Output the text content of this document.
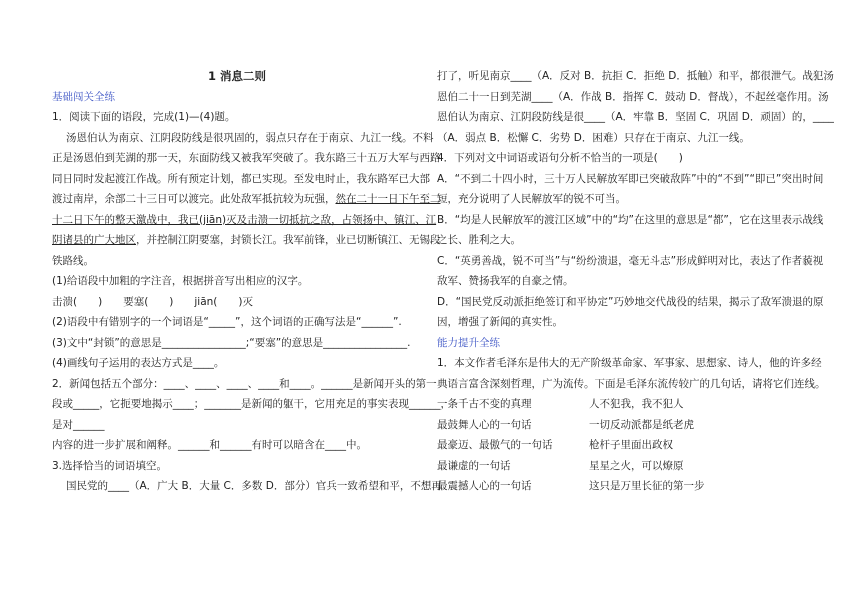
1 消息二则

基础闯关全练

1．阅读下面的语段，完成(1)—(4)题。

汤恩伯认为南京、江阴段防线是很巩固的，弱点只存在于南京、九江一线。不料

正是汤恩伯到芜湖的那一天，东面防线又被我军突破了。我东路三十五万大军与西路

同日同时发起渡江作战。所有预定计划，都已实现。至发电时止，我东路军已大部

渡过南岸，余部二十三日可以渡完。此处敌军抵抗较为玩强，然在二十一日下午至二

十二日下午的整天激战中，我已(jiān)灭及击溃一切抵抗之敌，占领扬中、镇江、江

阴诸县的广大地区，并控制江阴要塞，封锁长江。我军前锋，业已切断镇江、无锡段

铁路线。

(1)给语段中加粗的字注音，根据拼音写出相应的汉字。

击溃(　　)　　要塞(　　)　　jiān(　　)灭

(2)语段中有错别字的一个词语是“_____”，这个词语的正确写法是“______”.

(3)文中“封锁”的意思是________________;“要塞”的意思是________________.

(4)画线句子运用的表达方式是____。

2．新闻包括五个部分：____、____、____、____和____。______是新闻开头的第一

段或_____，它扼要地揭示____；_______是新闻的躯干，它用充足的事实表现______，

是对______

内容的进一步扩展和阐释。______和______有时可以暗含在____中。

3.选择恰当的词语填空。

国民党的____（A．广大 B．大量 C．多数 D．部分）官兵一致希望和平，不想再

打了，听见南京____（A．反对 B．抗拒 C．拒绝 D．抵触）和平，都很泄气。战犯汤

恩伯二十一日到芜湖____（A．作战 B．指挥 C．鼓动 D．督战），不起丝毫作用。汤

恩伯认为南京、江阴段防线是很____（A．牢靠 B．坚固 C．巩固 D．顽固）的，____

（A．弱点 B．松懈 C．劣势 D．困难）只存在于南京、九江一线。

4．下列对文中词语或语句分析不恰当的一项是(　　)

A．“不到二十四小时，三十万人民解放军即已突破敌阵”中的“不到”“即已”突出时间

短，充分说明了人民解放军的锐不可当。

B．“均是人民解放军的渡江区域”中的“均”在这里的意思是“都”，它在这里表示战线

之长、胜利之大。

C．“英勇善战，锐不可当”与“纷纷溃退，毫无斗志”形成鲜明对比，表达了作者藐视

敌军、赞扬我军的自豪之情。

D．“国民党反动派拒绝签订和平协定”巧妙地交代战役的结果，揭示了敌军溃退的原

因，增强了新闻的真实性。

能力提升全练

1．本文作者毛泽东是伟大的无产阶级革命家、军事家、思想家、诗人，他的许多经

典语言富含深刻哲理，广为流传。下面是毛泽东流传较广的几句话，请将它们连线。

一条千古不变的真理	人不犯我，我不犯人

最鼓舞人心的一句话	一切反动派都是纸老虎

最豪迈、最傲气的一句话	枪杆子里面出政权

最谦虚的一句话	星星之火，可以燎原

最震撼人心的一句话	这只是万里长征的第一步
